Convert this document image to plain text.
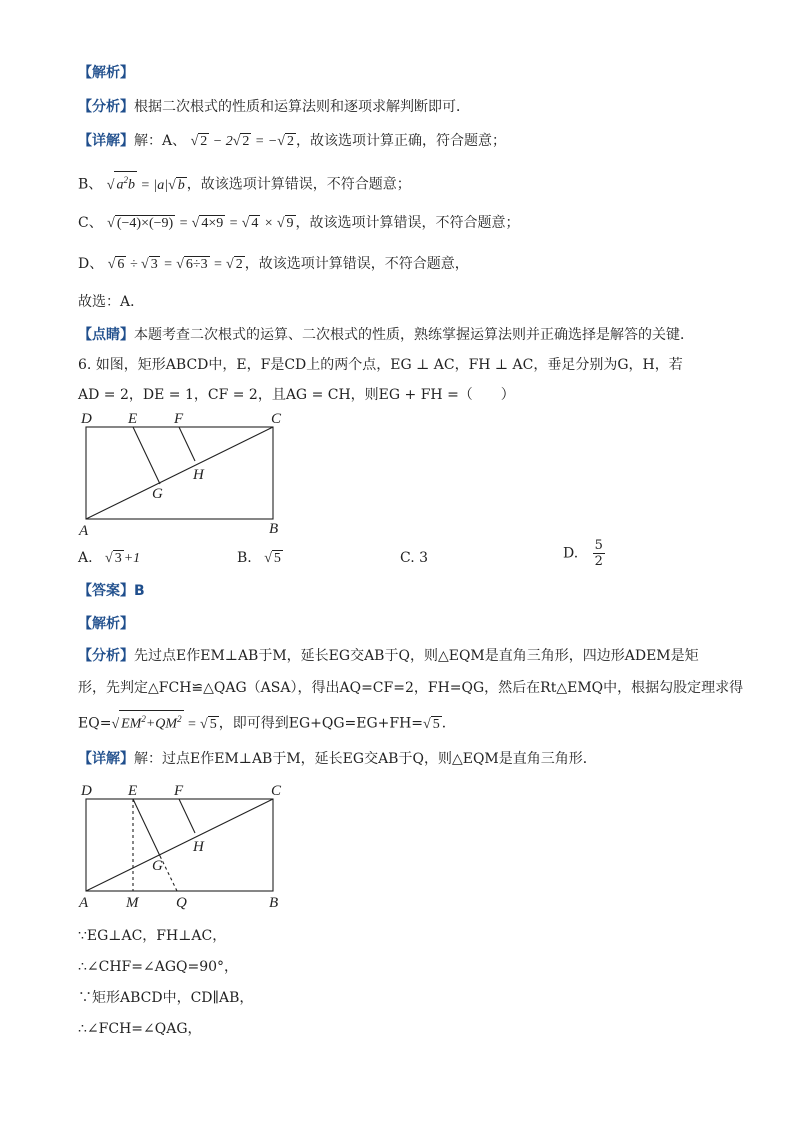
【解析】
【分析】根据二次根式的性质和运算法则和逐项求解判断即可．
【详解】解：A、 √ 2 − 2√ 2 = −√ 2 ，故该选项计算正确，符合题意；
B、 √ $a^2b = |a|√$ b ，故该选项计算错误，不符合题意；
C、 √ (−4)×(−9) = √ 4×9 = √ 4 × √ 9 ，故该选项计算错误，不符合题意；
D、 √ 6 ÷ √ 3 = √ 6÷3 = √ 2 ，故该选项计算错误，不符合题意，
故选：A．
【点睛】本题考查二次根式的运算、二次根式的性质，熟练掌握运算法则并正确选择是解答的关键．
6. 如图，矩形ABCD中，E，F是CD上的两个点，EG ⊥ AC，FH ⊥ AC，垂足分别为G，H，若
AD = 2，DE = 1，CF = 2，且AG = CH，则EG + FH =（　　）
D E F	C
H
G
A	B
A. √ 3 +1	B. √ 5	C. 3	D. $\frac{5}{2}$
【答案】B
【解析】
【分析】先过点E作EM⊥AB于M，延长EG交AB于Q，则△EQM是直角三角形，四边形ADEM是矩
形，先判定△FCH≌△QAG（ASA），得出AQ=CF=2，FH=QG，然后在Rt△EMQ中，根据勾股定理求得
EQ=√ $EM^2+QM^2$ = √ 5 ，即可得到EG+QG=EG+FH=√ 5 ．
【详解】解：过点E作EM⊥AB于M，延长EG交AB于Q，则△EQM是直角三角形．
D E F	C
H
G
A	M	Q	B
∵EG⊥AC，FH⊥AC，
∴∠CHF=∠AGQ=90°，
∵矩形ABCD中，CD∥AB，
∴∠FCH=∠QAG，
